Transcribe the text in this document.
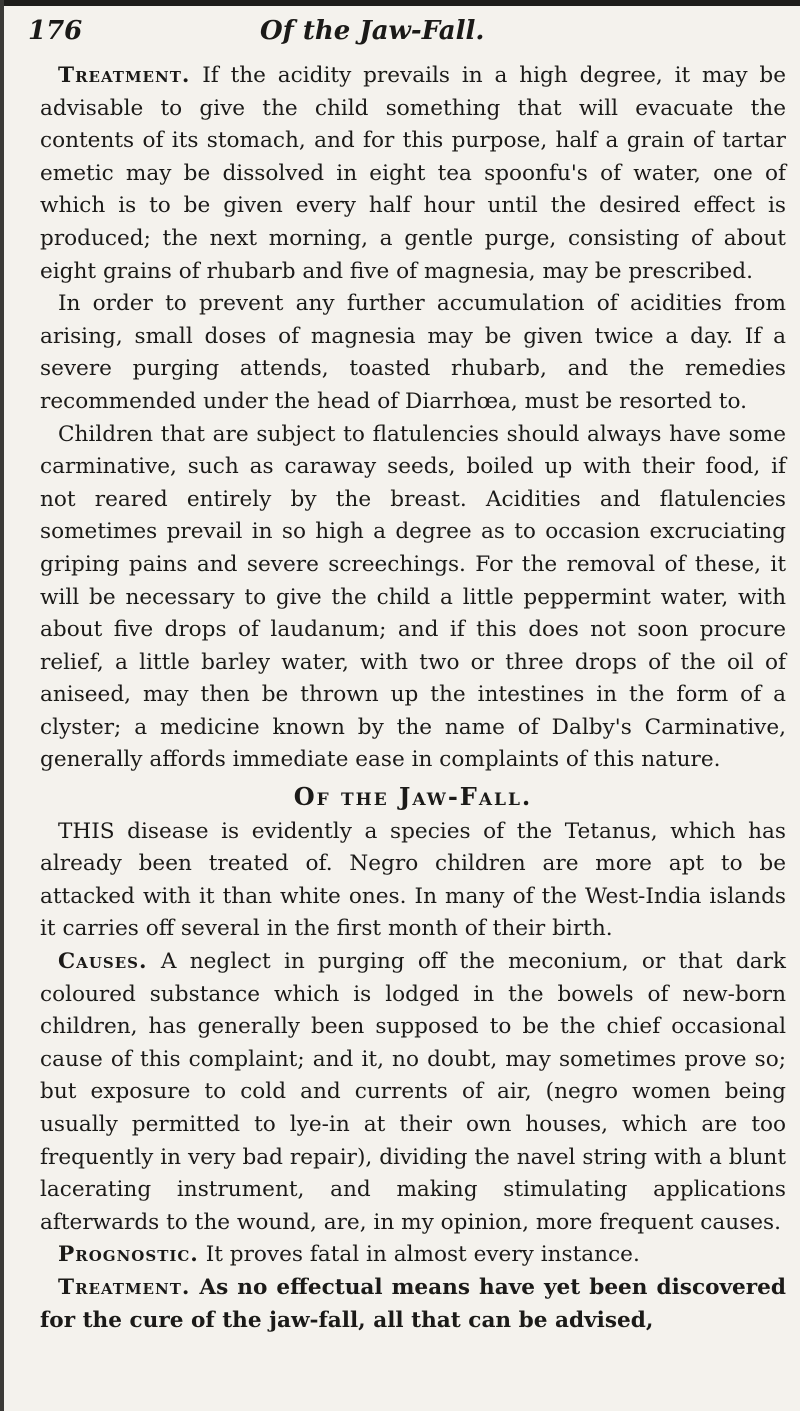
176	Of the Jaw-Fall.

Treatment. If the acidity prevails in a high degree, it may be advisable to give the child something that will evacuate the contents of its stomach, and for this purpose, half a grain of tartar emetic may be dissolved in eight tea spoonfu's of water, one of which is to be given every half hour until the desired effect is produced; the next morning, a gentle purge, consisting of about eight grains of rhubarb and five of magnesia, may be prescribed.

In order to prevent any further accumulation of acidities from arising, small doses of magnesia may be given twice a day. If a severe purging attends, toasted rhubarb, and the remedies recommended under the head of Diarrhœa, must be resorted to.

Children that are subject to flatulencies should always have some carminative, such as caraway seeds, boiled up with their food, if not reared entirely by the breast. Acidities and flatulencies sometimes prevail in so high a degree as to occasion excruciating griping pains and severe screechings. For the removal of these, it will be necessary to give the child a little peppermint water, with about five drops of laudanum; and if this does not soon procure relief, a little barley water, with two or three drops of the oil of aniseed, may then be thrown up the intestines in the form of a clyster; a medicine known by the name of Dalby's Carminative, generally affords immediate ease in complaints of this nature.

Of the Jaw-Fall.

THIS disease is evidently a species of the Tetanus, which has already been treated of. Negro children are more apt to be attacked with it than white ones. In many of the West-India islands it carries off several in the first month of their birth.

Causes. A neglect in purging off the meconium, or that dark coloured substance which is lodged in the bowels of new-born children, has generally been supposed to be the chief occasional cause of this complaint; and it, no doubt, may sometimes prove so; but exposure to cold and currents of air, (negro women being usually permitted to lye-in at their own houses, which are too frequently in very bad repair), dividing the navel string with a blunt lacerating instrument, and making stimulating applications afterwards to the wound, are, in my opinion, more frequent causes.

Prognostic. It proves fatal in almost every instance.

Treatment. As no effectual means have yet been discovered for the cure of the jaw-fall, all that can be advised,
